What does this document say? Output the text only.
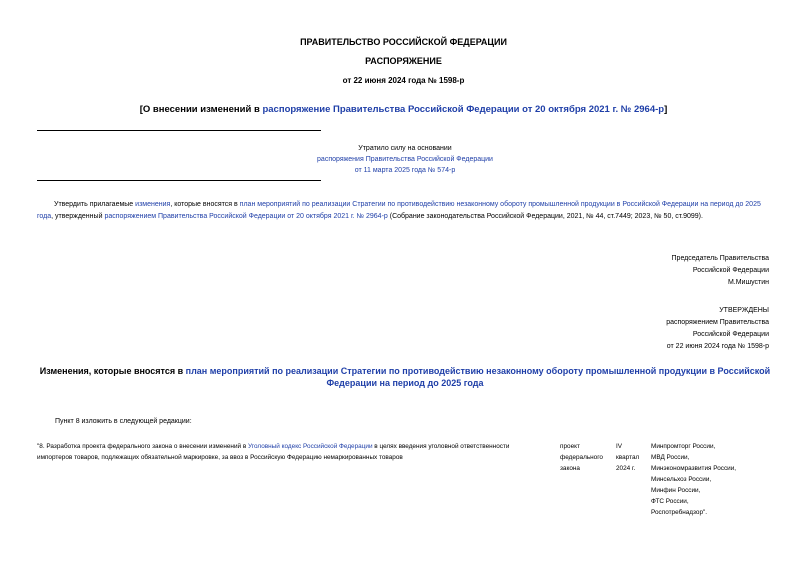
ПРАВИТЕЛЬСТВО РОССИЙСКОЙ ФЕДЕРАЦИИ
РАСПОРЯЖЕНИЕ
от 22 июня 2024 года № 1598-р
[О внесении изменений в распоряжение Правительства Российской Федерации от 20 октября 2021 г. № 2964-р]
Утратило силу на основании
распоряжения Правительства Российской Федерации
от 11 марта 2025 года № 574-р
Утвердить прилагаемые изменения, которые вносятся в план мероприятий по реализации Стратегии по противодействию незаконному обороту промышленной продукции в Российской Федерации на период до 2025 года, утвержденный распоряжением Правительства Российской Федерации от 20 октября 2021 г. № 2964-р (Собрание законодательства Российской Федерации, 2021, № 44, ст.7449; 2023, № 50, ст.9099).
Председатель Правительства
Российской Федерации
М.Мишустин
УТВЕРЖДЕНЫ
распоряжением Правительства
Российской Федерации
от 22 июня 2024 года № 1598-р
Изменения, которые вносятся в план мероприятий по реализации Стратегии по противодействию незаконному обороту промышленной продукции в Российской Федерации на период до 2025 года
Пункт 8 изложить в следующей редакции:
"8. Разработка проекта федерального закона о внесении изменений в Уголовный кодекс Российской Федерации в целях введения уголовной ответственности импортеров товаров, подлежащих обязательной маркировке, за ввоз в Российскую Федерацию немаркированных товаров
проект
федерального
закона
IV
квартал
2024 г.
Минпромторг России,
МВД России,
Минэкономразвития России,
Минсельхоз России,
Минфин России,
ФТС России,
Роспотребнадзор".
